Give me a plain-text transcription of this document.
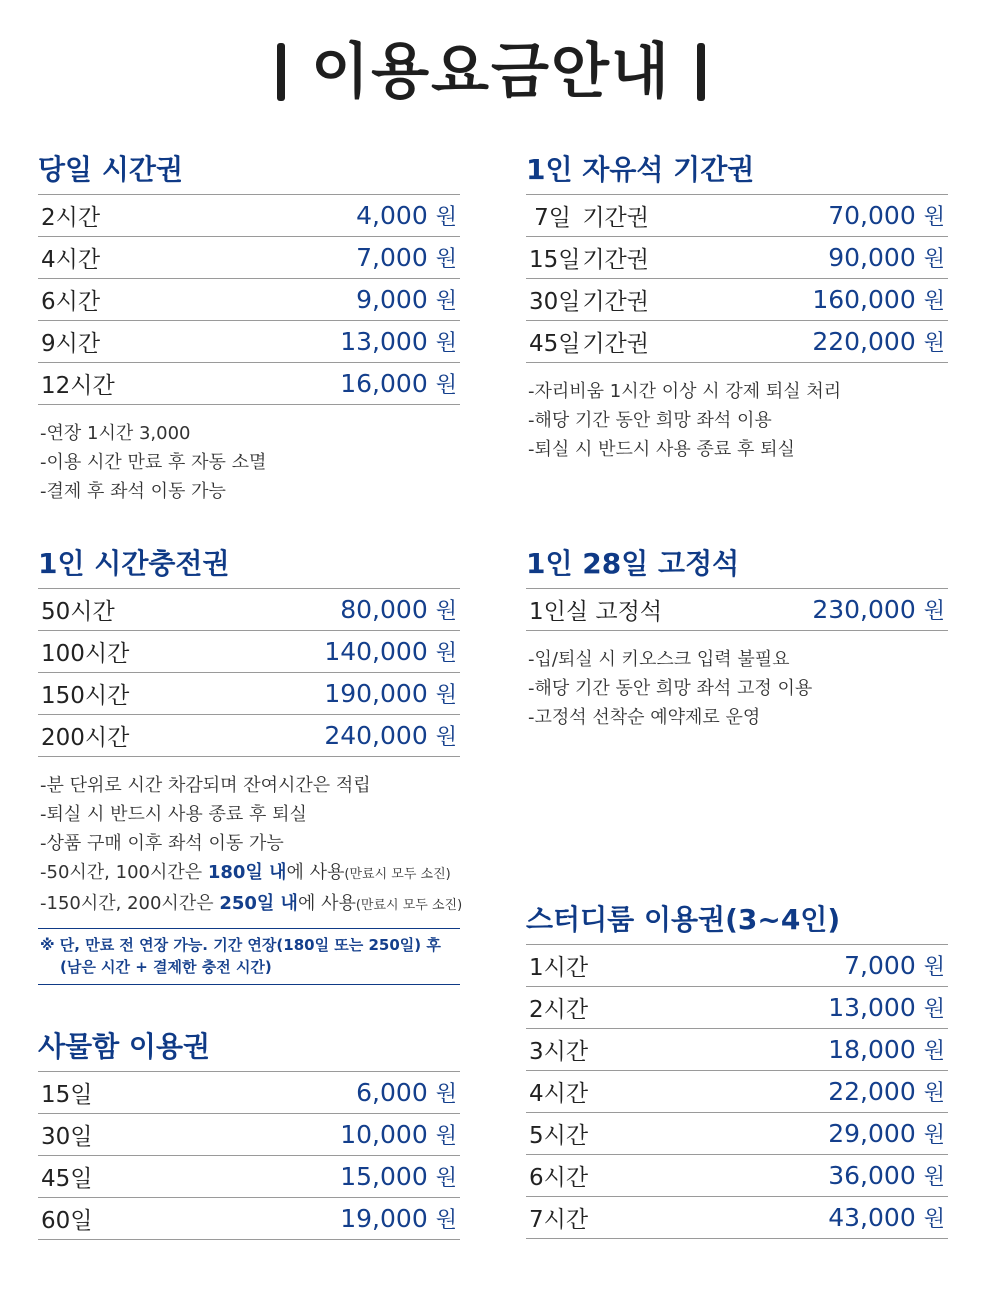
이용요금안내
당일 시간권
2시간	4,000 원
4시간	7,000 원
6시간	9,000 원
9시간	13,000 원
12시간	16,000 원
-연장 1시간 3,000
-이용 시간 만료 후 자동 소멸
-결제 후 좌석 이동 가능
1인 자유석 기간권
7일 기간권	70,000 원
15일 기간권	90,000 원
30일 기간권	160,000 원
45일 기간권	220,000 원
-자리비움 1시간 이상 시 강제 퇴실 처리
-해당 기간 동안 희망 좌석 이용
-퇴실 시 반드시 사용 종료 후 퇴실
1인 시간충전권
50시간	80,000 원
100시간	140,000 원
150시간	190,000 원
200시간	240,000 원
-분 단위로 시간 차감되며 잔여시간은 적립
-퇴실 시 반드시 사용 종료 후 퇴실
-상품 구매 이후 좌석 이동 가능
-50시간, 100시간은 180일 내에 사용(만료시 모두 소진)
-150시간, 200시간은 250일 내에 사용(만료시 모두 소진)
※ 단, 만료 전 연장 가능. 기간 연장(180일 또는 250일) 후
(남은 시간 + 결제한 충전 시간)
1인 28일 고정석
1인실 고정석	230,000 원
-입/퇴실 시 키오스크 입력 불필요
-해당 기간 동안 희망 좌석 고정 이용
-고정석 선착순 예약제로 운영
사물함 이용권
15일	6,000 원
30일	10,000 원
45일	15,000 원
60일	19,000 원
스터디룸 이용권(3~4인)
1시간	7,000 원
2시간	13,000 원
3시간	18,000 원
4시간	22,000 원
5시간	29,000 원
6시간	36,000 원
7시간	43,000 원
